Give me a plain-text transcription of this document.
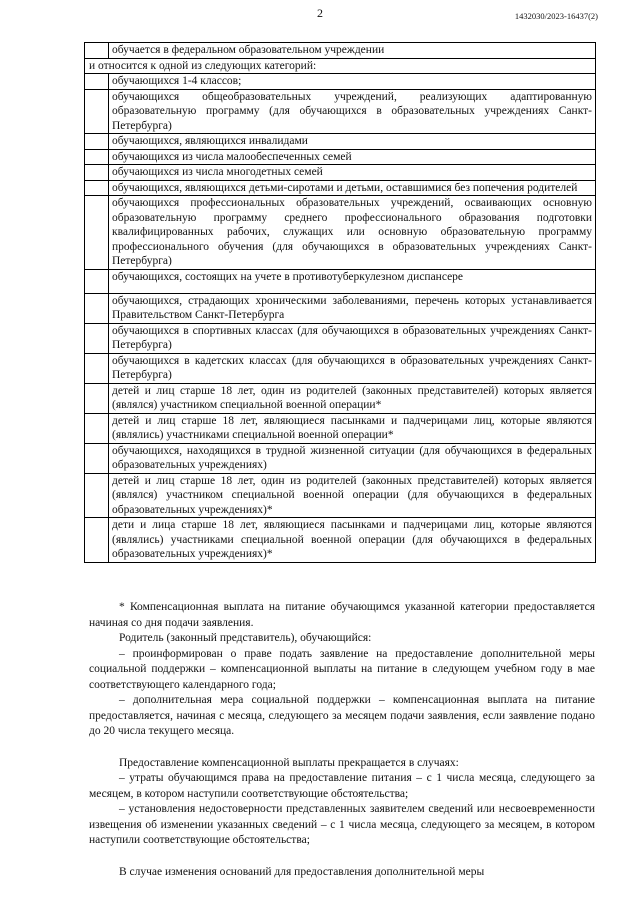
2	1432030/2023-16437(2)
	обучается в федеральном образовательном учреждении
и относится к одной из следующих категорий:	
	обучающихся 1-4 классов;
	обучающихся общеобразовательных учреждений, реализующих адаптированную образовательную программу (для обучающихся в образовательных учреждениях Санкт-Петербурга)
	обучающихся, являющихся инвалидами
	обучающихся из числа малообеспеченных семей
	обучающихся из числа многодетных семей
	обучающихся, являющихся детьми-сиротами и детьми, оставшимися без попечения родителей
	обучающихся профессиональных образовательных учреждений, осваивающих основную образовательную программу среднего профессионального образования подготовки квалифицированных рабочих, служащих или основную образовательную программу профессионального обучения (для обучающихся в образовательных учреждениях Санкт-Петербурга)
	обучающихся, состоящих на учете в противотуберкулезном диспансере
	обучающихся, страдающих хроническими заболеваниями, перечень которых устанавливается Правительством Санкт-Петербурга
	обучающихся в спортивных классах (для обучающихся в образовательных учреждениях Санкт-Петербурга)
	обучающихся в кадетских классах (для обучающихся в образовательных учреждениях Санкт-Петербурга)
	детей и лиц старше 18 лет, один из родителей (законных представителей) которых является (являлся) участником специальной военной операции*
	детей и лиц старше 18 лет, являющиеся пасынками и падчерицами лиц, которые являются (являлись) участниками специальной военной операции*
	обучающихся, находящихся в трудной жизненной ситуации (для обучающихся в федеральных образовательных учреждениях)
	детей и лиц старше 18 лет, один из родителей (законных представителей) которых является (являлся) участником специальной военной операции (для обучающихся в федеральных образовательных учреждениях)*
	дети и лица старше 18 лет, являющиеся пасынками и падчерицами лиц, которые являются (являлись) участниками специальной военной операции (для обучающихся в федеральных образовательных учреждениях)*

* Компенсационная выплата на питание обучающимся указанной категории предоставляется начиная со дня подачи заявления.

Родитель (законный представитель), обучающийся:

– проинформирован о праве подать заявление на предоставление дополнительной меры социальной поддержки – компенсационной выплаты на питание в следующем учебном году в мае соответствующего календарного года;

– дополнительная мера социальной поддержки – компенсационная выплата на питание предоставляется, начиная с месяца, следующего за месяцем подачи заявления, если заявление подано до 20 числа текущего месяца.

Предоставление компенсационной выплаты прекращается в случаях:

– утраты обучающимся права на предоставление питания – с 1 числа месяца, следующего за месяцем, в котором наступили соответствующие обстоятельства;

– установления недостоверности представленных заявителем сведений или несвоевременности извещения об изменении указанных сведений – с 1 числа месяца, следующего за месяцем, в котором наступили соответствующие обстоятельства;

В случае изменения оснований для предоставления дополнительной меры
